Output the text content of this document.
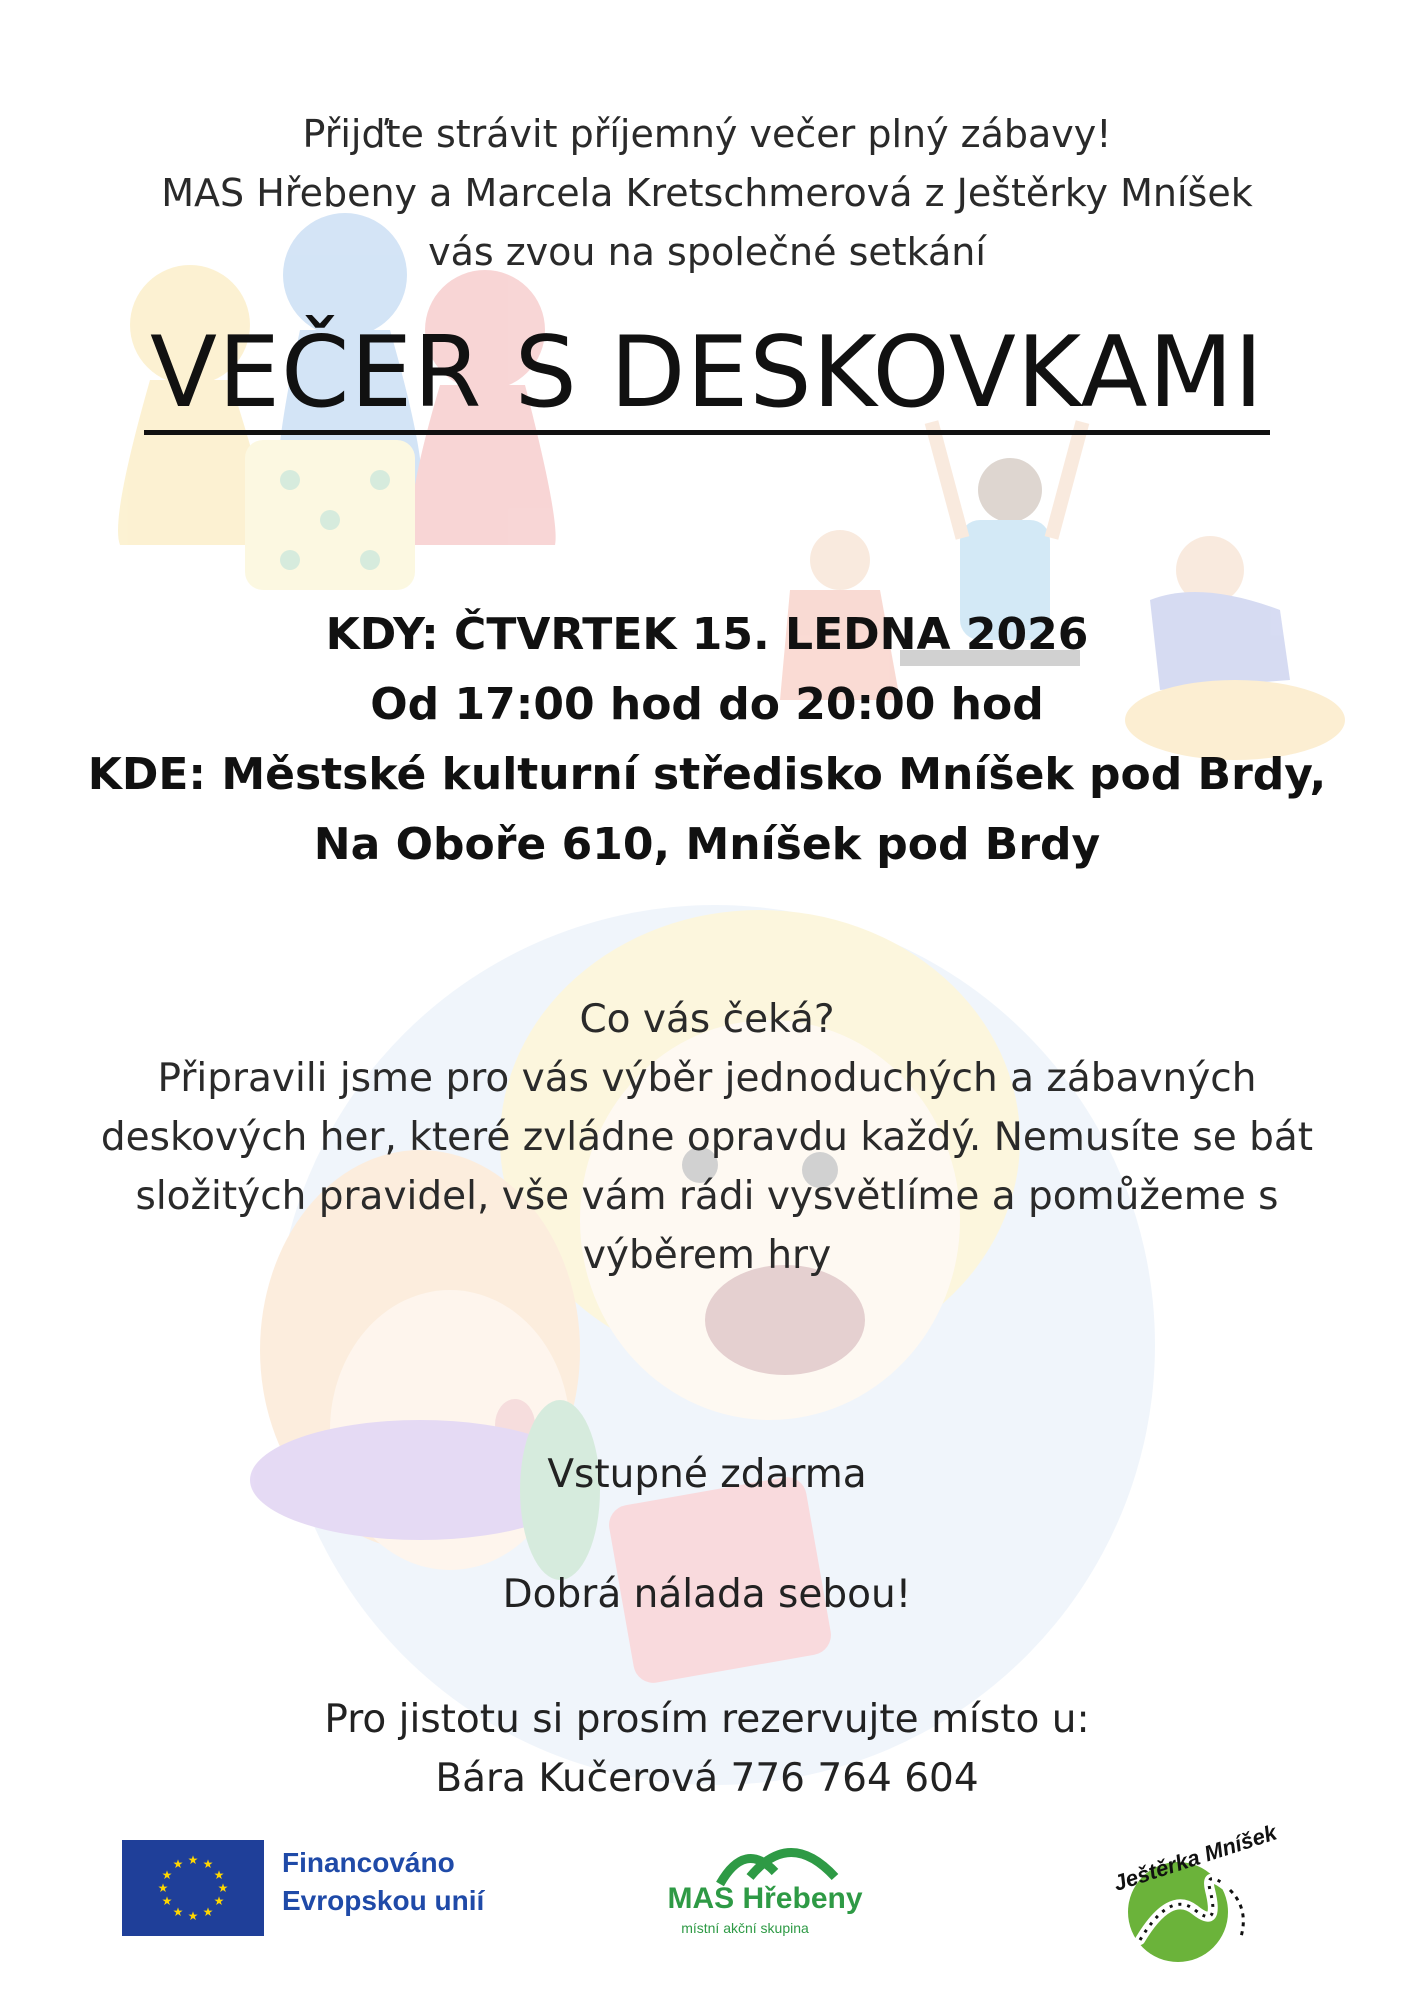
Přijďte strávit příjemný večer plný zábavy!
MAS Hřebeny a Marcela Kretschmerová z Ještěrky Mníšek
vás zvou na společné setkání
VEČER S DESKOVKAMI
KDY: ČTVRTEK 15. LEDNA 2026
Od 17:00 hod do 20:00 hod
KDE: Městské kulturní středisko Mníšek pod Brdy,
Na Oboře 610, Mníšek pod Brdy
Co vás čeká?
Připravili jsme pro vás výběr jednoduchých a zábavných
deskových her, které zvládne opravdu každý. Nemusíte se bát
složitých pravidel, vše vám rádi vysvětlíme a pomůžeme s
výběrem hry
Vstupné zdarma
Dobrá nálada sebou!
Pro jistotu si prosím rezervujte místo u:
Bára Kučerová 776 764 604
★ ★
★
★
★
★
★
★
★
★
★
★	Financováno
Evropskou unií	MAS Hřebeny
místní akční skupina
Ještěrka Mníšek
